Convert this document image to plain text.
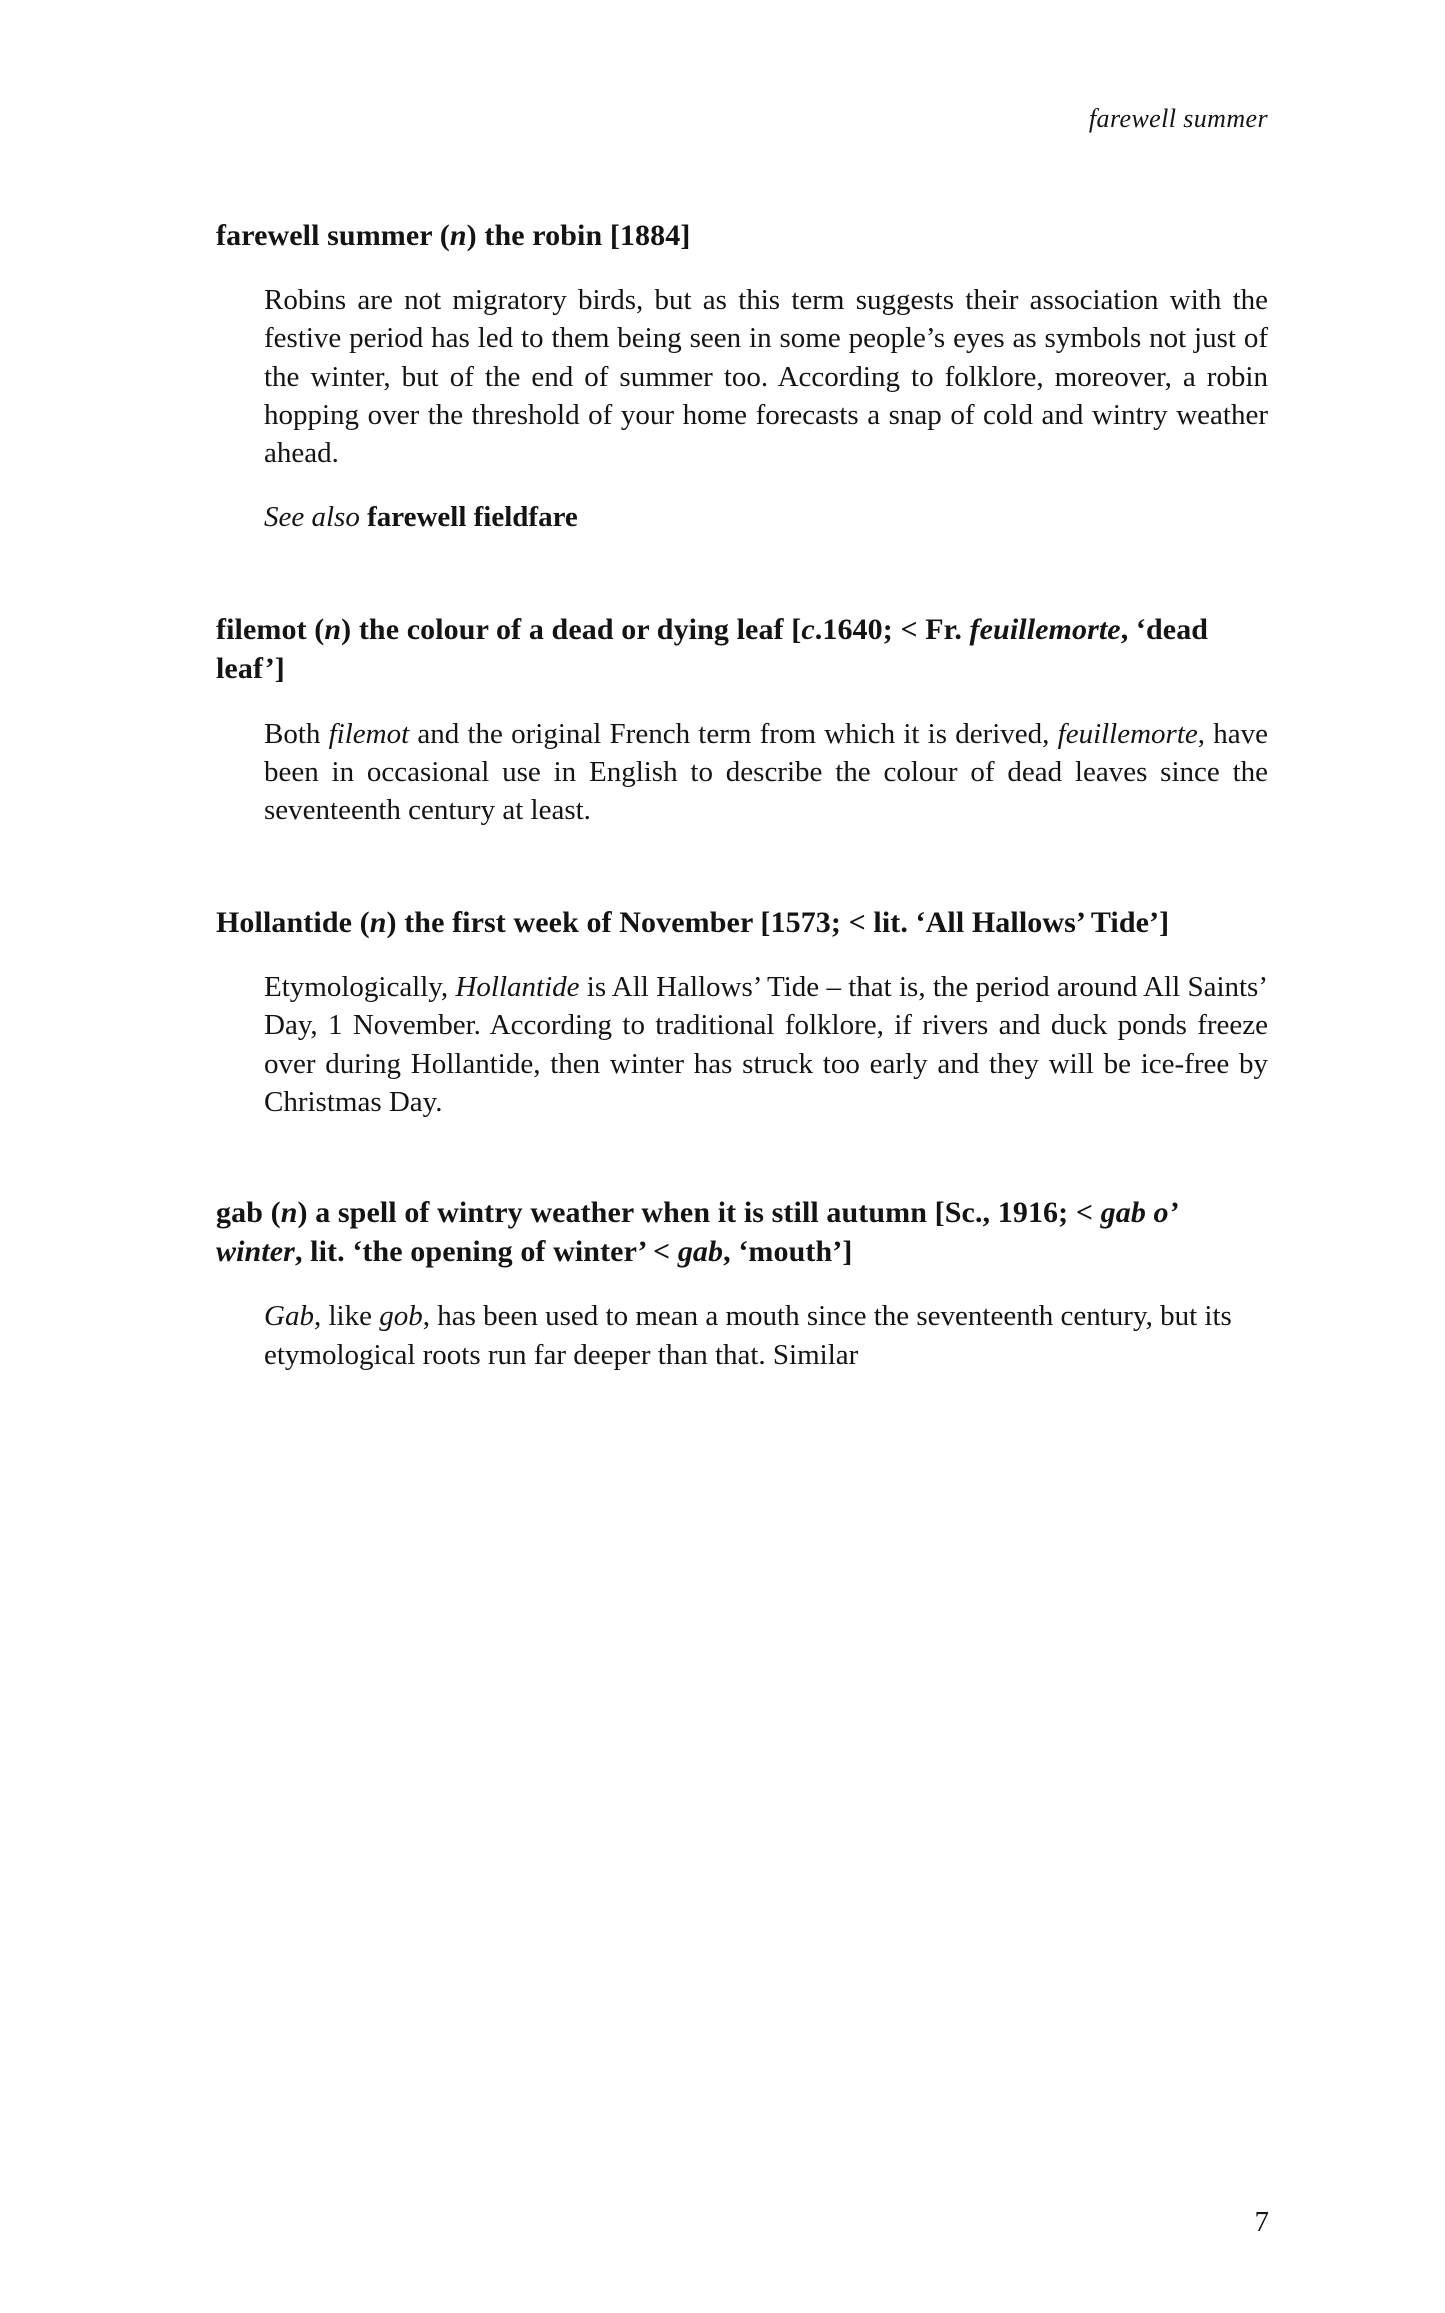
farewell summer

farewell summer (n) the robin [1884]

Robins are not migratory birds, but as this term suggests their association with the festive period has led to them being seen in some people’s eyes as symbols not just of the winter, but of the end of summer too. According to folklore, moreover, a robin hopping over the threshold of your home forecasts a snap of cold and wintry weather ahead.

See also farewell fieldfare

filemot (n) the colour of a dead or dying leaf [c.1640; < Fr. feuillemorte, ‘dead leaf’]

Both filemot and the original French term from which it is derived, feuillemorte, have been in occasional use in English to describe the colour of dead leaves since the seventeenth century at least.

Hollantide (n) the first week of November [1573; < lit. ‘All Hallows’ Tide’]

Etymologically, Hollantide is All Hallows’ Tide – that is, the period around All Saints’ Day, 1 November. According to traditional folklore, if rivers and duck ponds freeze over during Hollantide, then winter has struck too early and they will be ice-free by Christmas Day.

gab (n) a spell of wintry weather when it is still autumn [Sc., 1916; < gab o’ winter, lit. ‘the opening of winter’ < gab, ‘mouth’]

Gab, like gob, has been used to mean a mouth since the seventeenth century, but its etymological roots run far deeper than that. Similar

7
